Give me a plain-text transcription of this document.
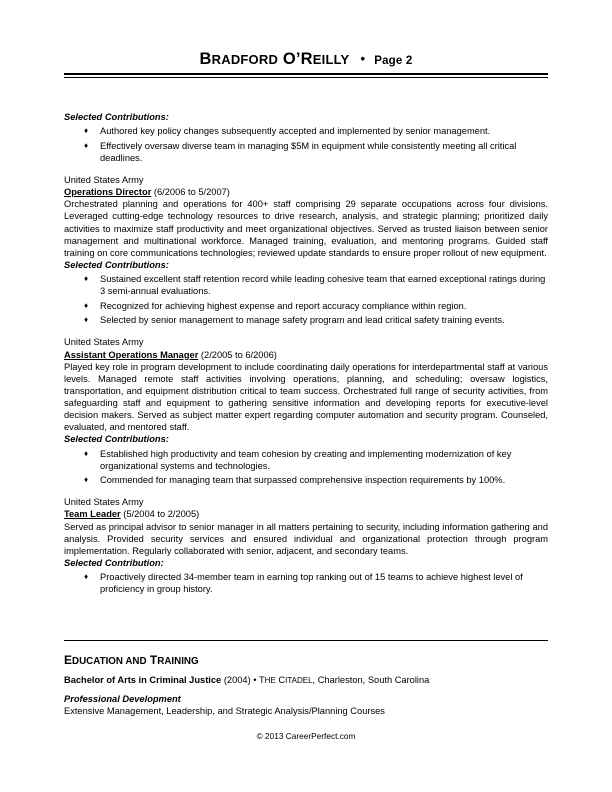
BRADFORD O’REILLY • Page 2
Selected Contributions:
♦ Authored key policy changes subsequently accepted and implemented by senior management.
♦ Effectively oversaw diverse team in managing $5M in equipment while consistently meeting all critical deadlines.
United States Army
Operations Director (6/2006 to 5/2007)
Orchestrated planning and operations for 400+ staff comprising 29 separate occupations across four divisions. Leveraged cutting-edge technology resources to drive research, analysis, and strategic planning; prioritized daily activities to maximize staff productivity and meet organizational objectives. Served as trusted liaison between senior management and multinational workforce. Managed training, evaluation, and mentoring programs. Guided staff training on core communications technologies; reviewed update standards to ensure proper rollout of new equipment.
Selected Contributions:
♦ Sustained excellent staff retention record while leading cohesive team that earned exceptional ratings during 3 semi-annual evaluations.
♦ Recognized for achieving highest expense and report accuracy compliance within region.
♦ Selected by senior management to manage safety program and lead critical safety training events.
United States Army
Assistant Operations Manager (2/2005 to 6/2006)
Played key role in program development to include coordinating daily operations for interdepartmental staff at various levels. Managed remote staff activities involving operations, planning, and scheduling; oversaw logistics, transportation, and equipment distribution critical to team success. Orchestrated full range of security activities, from safeguarding staff and equipment to gathering sensitive information and developing reports for executive-level decision makers. Served as subject matter expert regarding computer automation and security program. Counseled, evaluated, and mentored staff.
Selected Contributions:
♦ Established high productivity and team cohesion by creating and implementing modernization of key organizational systems and technologies.
♦ Commended for managing team that surpassed comprehensive inspection requirements by 100%.
United States Army
Team Leader (5/2004 to 2/2005)
Served as principal advisor to senior manager in all matters pertaining to security, including information gathering and analysis. Provided security services and ensured individual and organizational protection through program implementation. Regularly collaborated with senior, adjacent, and secondary teams.
Selected Contribution:
♦ Proactively directed 34-member team in earning top ranking out of 15 teams to achieve highest level of proficiency in group history.
EDUCATION AND TRAINING
Bachelor of Arts in Criminal Justice (2004) • THE CITADEL, Charleston, South Carolina
Professional Development
Extensive Management, Leadership, and Strategic Analysis/Planning Courses
© 2013 CareerPerfect.com
